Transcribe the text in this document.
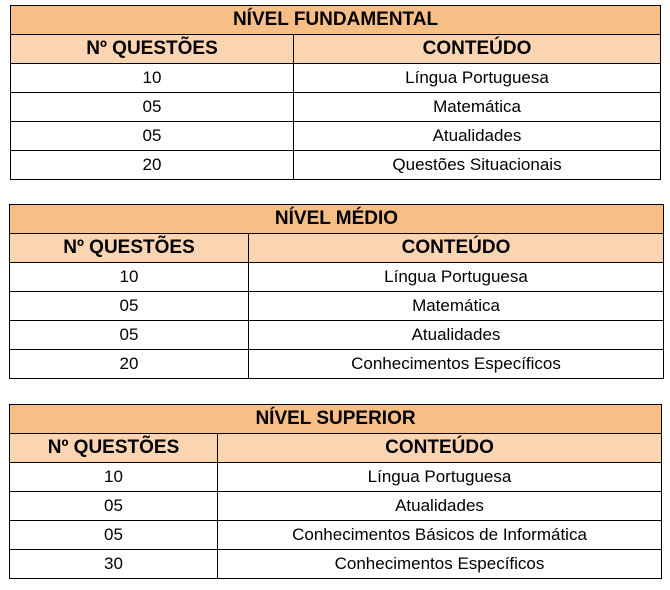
NÍVEL FUNDAMENTAL	
Nº QUESTÕES	CONTEÚDO
10	Língua Portuguesa
05	Matemática
05	Atualidades
20	Questões Situacionais
NÍVEL MÉDIO	
Nº QUESTÕES	CONTEÚDO
10	Língua Portuguesa
05	Matemática
05	Atualidades
20	Conhecimentos Específicos
NÍVEL SUPERIOR	
Nº QUESTÕES	CONTEÚDO
10	Língua Portuguesa
05	Atualidades
05	Conhecimentos Básicos de Informática
30	Conhecimentos Específicos
